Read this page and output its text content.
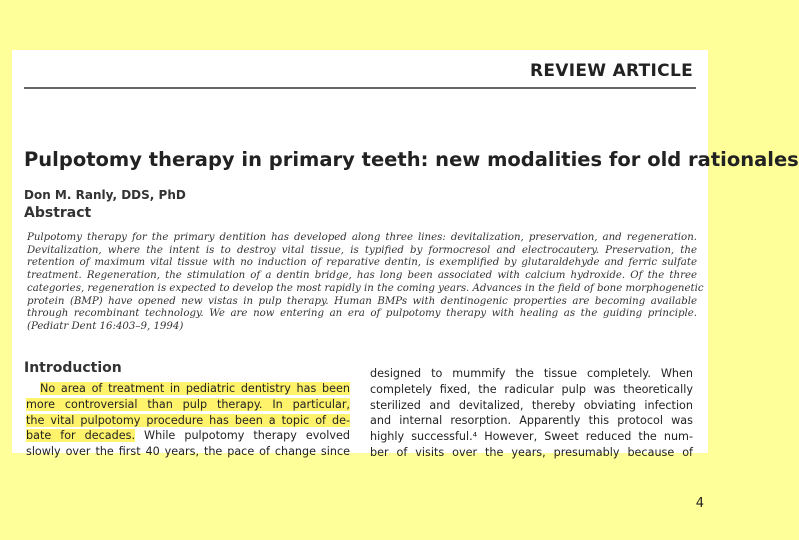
REVIEW ARTICLE
Pulpotomy therapy in primary teeth: new modalities for old rationales
Don M. Ranly, DDS, PhD
Abstract
Pulpotomy therapy for the primary dentition has developed along three lines: devitalization, preservation, and regeneration.
Devitalization, where the intent is to destroy vital tissue, is typified by formocresol and electrocautery. Preservation, the
retention of maximum vital tissue with no induction of reparative dentin, is exemplified by glutaraldehyde and ferric sulfate
treatment. Regeneration, the stimulation of a dentin bridge, has long been associated with calcium hydroxide. Of the three
categories, regeneration is expected to develop the most rapidly in the coming years. Advances in the field of bone morphogenetic
protein (BMP) have opened new vistas in pulp therapy. Human BMPs with dentinogenic properties are becoming available
through recombinant technology. We are now entering an era of pulpotomy therapy with healing as the guiding principle.
(Pediatr Dent 16:403–9, 1994)
Introduction
No area of treatment in pediatric dentistry has been
more controversial than pulp therapy. In particular,
the vital pulpotomy procedure has been a topic of de-
bate for decades. While pulpotomy therapy evolved
slowly over the first 40 years, the pace of change since
designed to mummify the tissue completely. When
completely fixed, the radicular pulp was theoretically
sterilized and devitalized, thereby obviating infection
and internal resorption. Apparently this protocol was
highly successful.⁴ However, Sweet reduced the num-
ber of visits over the years, presumably because of
4
